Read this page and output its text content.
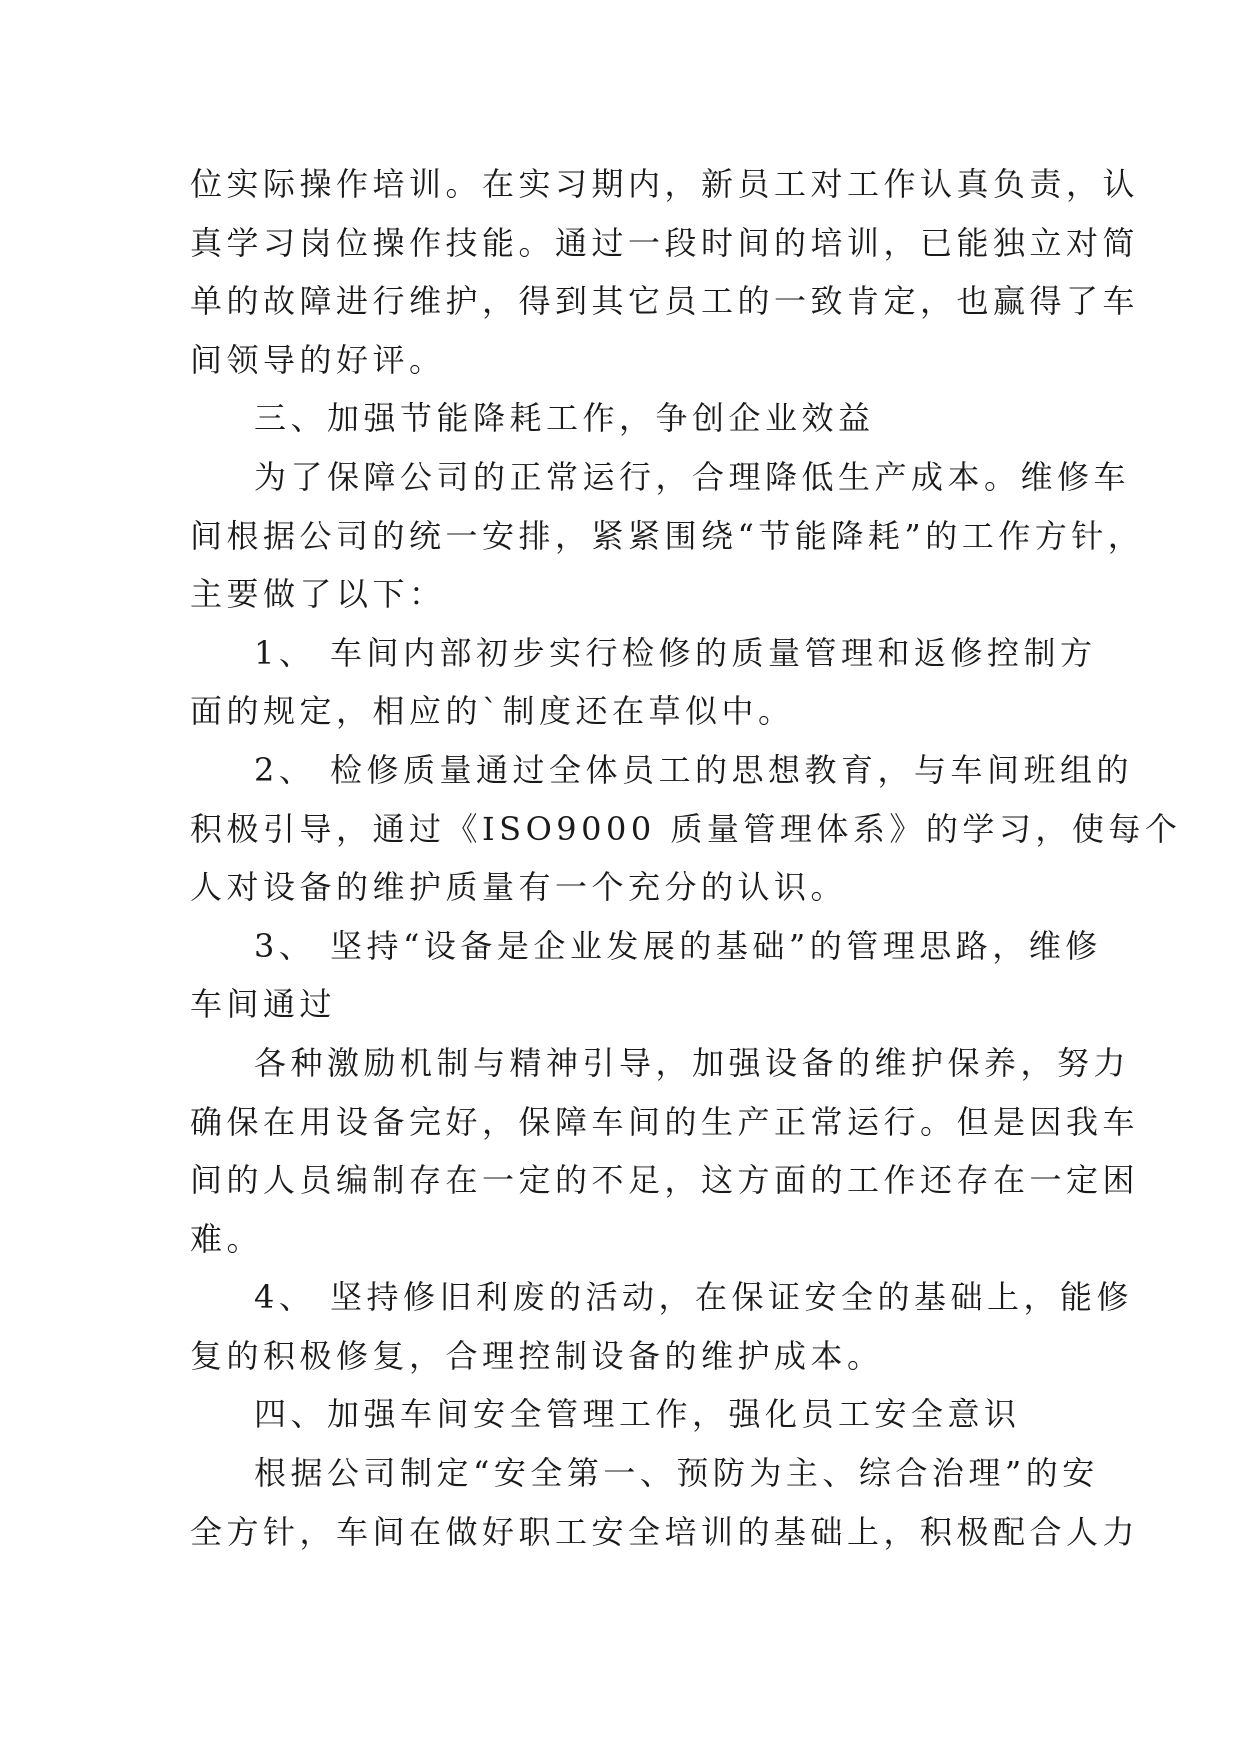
位实际操作培训。在实习期内，新员工对工作认真负责，认
真学习岗位操作技能。通过一段时间的培训，已能独立对简
单的故障进行维护，得到其它员工的一致肯定，也赢得了车
间领导的好评。
三、加强节能降耗工作，争创企业效益
为了保障公司的正常运行，合理降低生产成本。维修车
间根据公司的统一安排，紧紧围绕“节能降耗”的工作方针，
主要做了以下：
1、 车间内部初步实行检修的质量管理和返修控制方
面的规定，相应的`制度还在草似中。
2、 检修质量通过全体员工的思想教育，与车间班组的
积极引导，通过《ISO9000 质量管理体系》的学习，使每个
人对设备的维护质量有一个充分的认识。
3、 坚持“设备是企业发展的基础”的管理思路，维修
车间通过
各种激励机制与精神引导，加强设备的维护保养，努力
确保在用设备完好，保障车间的生产正常运行。但是因我车
间的人员编制存在一定的不足，这方面的工作还存在一定困
难。
4、 坚持修旧利废的活动，在保证安全的基础上，能修
复的积极修复，合理控制设备的维护成本。
四、加强车间安全管理工作，强化员工安全意识
根据公司制定“安全第一、预防为主、综合治理”的安
全方针，车间在做好职工安全培训的基础上，积极配合人力
